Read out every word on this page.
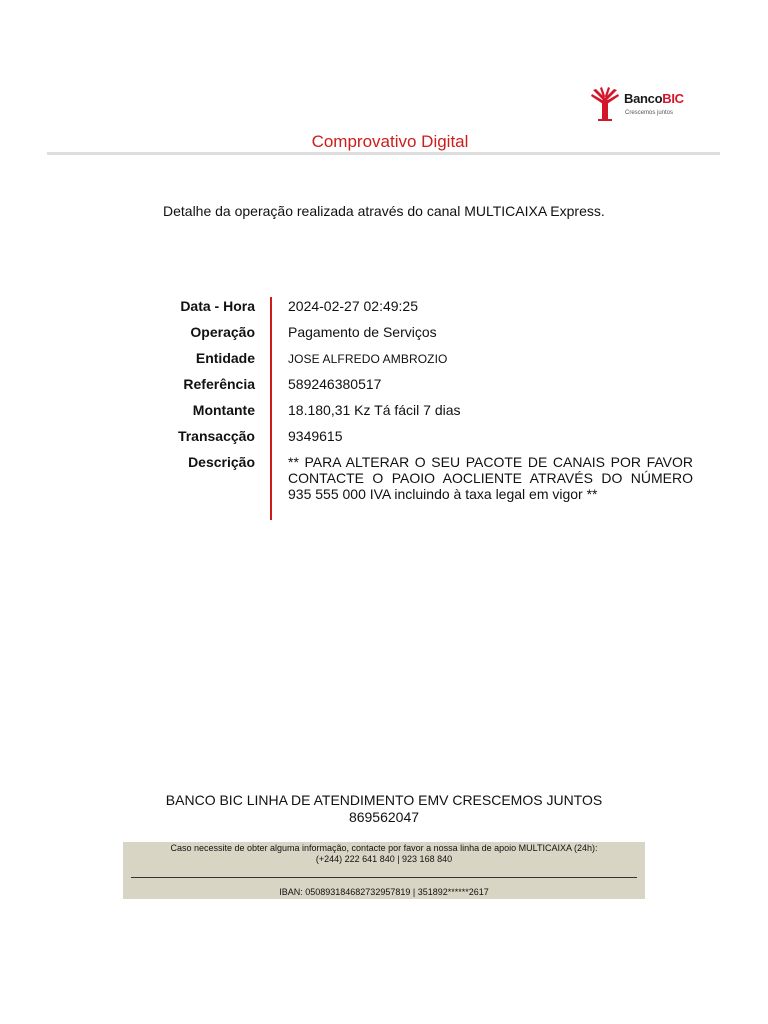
BancoBIC
Crescemos juntos
Comprovativo Digital
Detalhe da operação realizada através do canal MULTICAIXA Express.
Data - Hora 2024-02-27 02:49:25
Operação Pagamento de Serviços
Entidade	JOSE ALFREDO AMBROZIO
Referência 589246380517
Montante 18.180,31 Kz Tá fácil 7 dias
Transacção 9349615
Descrição ** PARA ALTERAR O SEU PACOTE DE CANAIS POR FAVOR CONTACTE O PAOIO AOCLIENTE ATRAVÉS DO NÚMERO 935 555 000 IVA incluindo à taxa legal em vigor **
BANCO BIC LINHA DE ATENDIMENTO EMV CRESCEMOS JUNTOS
869562047
Caso necessite de obter alguma informação, contacte por favor a nossa linha de apoio MULTICAIXA (24h):
(+244) 222 641 840 | 923 168 840
IBAN: 050893184682732957819 | 351892******2617
